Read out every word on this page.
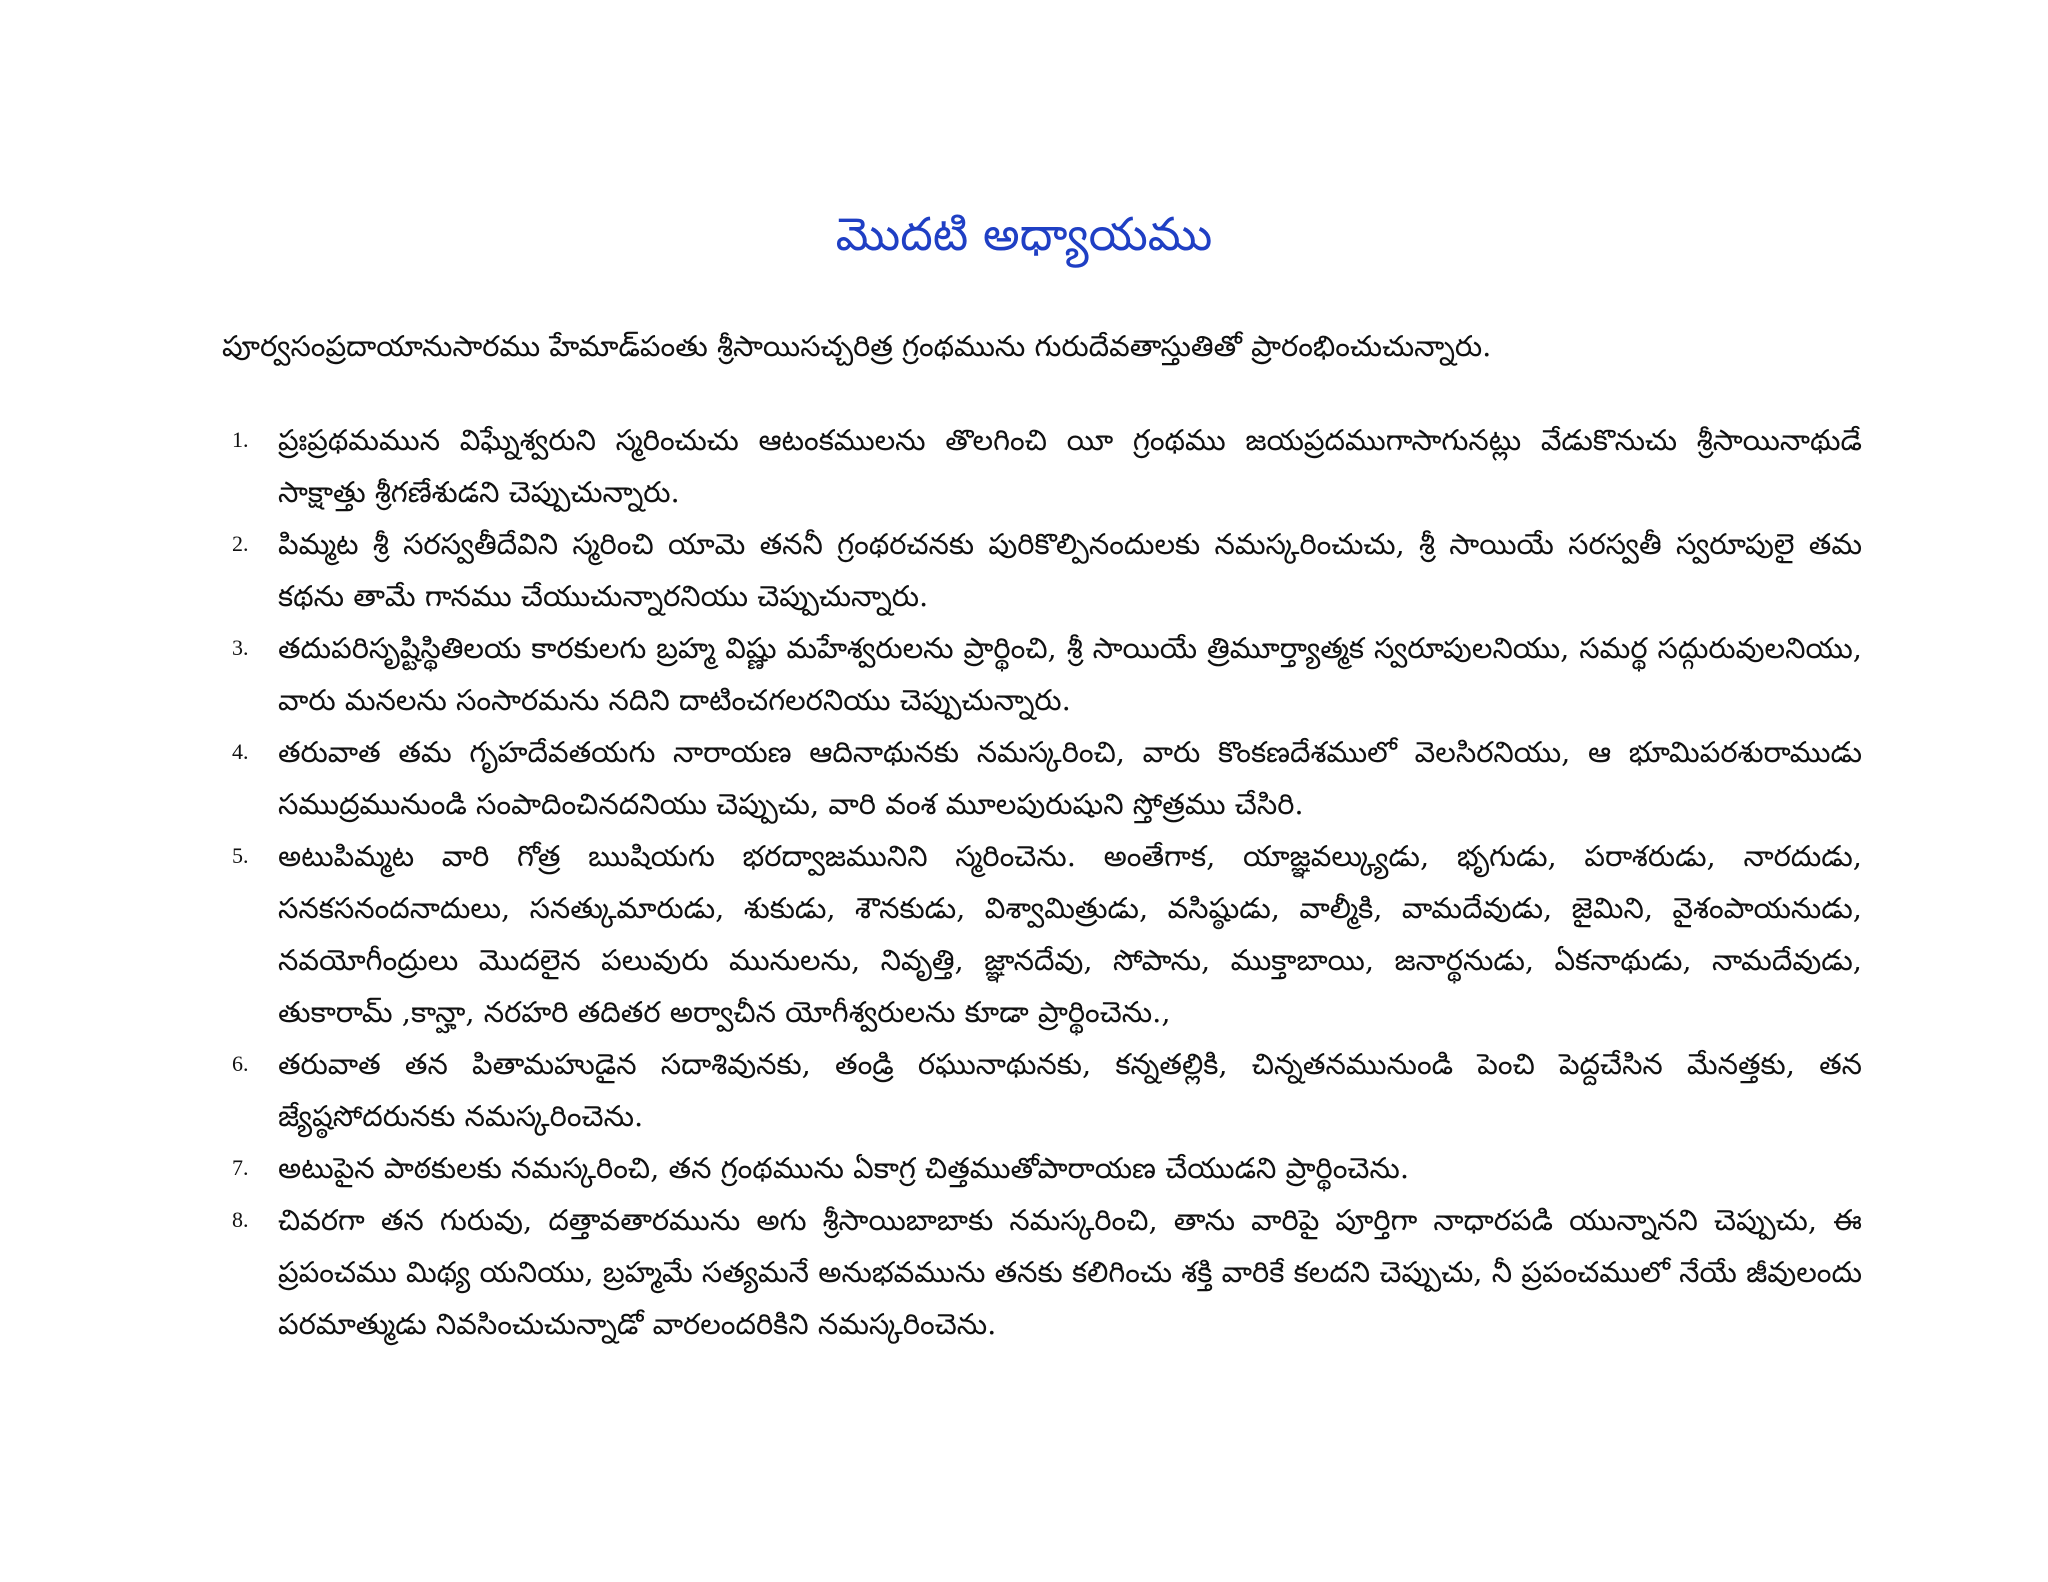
మొదటి అధ్యాయము
పూర్వసంప్రదాయానుసారము హేమాడ్‌పంతు శ్రీసాయిసచ్చరిత్ర గ్రంథమును గురుదేవతాస్తుతితో ప్రారంభించుచున్నారు.
1. ప్రఃప్రథమమున విఘ్నేశ్వరుని స్మరించుచు ఆటంకములను తొలగించి యీ గ్రంథము జయప్రదముగాసాగునట్లు వేడుకొనుచు శ్రీసాయినాథుడే సాక్షాత్తు శ్రీగణేశుడని చెప్పుచున్నారు.
2. పిమ్మట శ్రీ సరస్వతీదేవిని స్మరించి యామె తననీ గ్రంథరచనకు పురికొల్పినందులకు నమస్కరించుచు, శ్రీ సాయియే సరస్వతీ స్వరూపులై తమ కథను తామే గానము చేయుచున్నారనియు చెప్పుచున్నారు.
3. తదుపరిసృష్టిస్థితిలయ కారకులగు బ్రహ్మ విష్ణు మహేశ్వరులను ప్రార్థించి, శ్రీ సాయియే త్రిమూర్త్యాత్మక స్వరూపులనియు, సమర్థ సద్గురువులనియు, వారు మనలను సంసారమను నదిని దాటించగలరనియు చెప్పుచున్నారు.
4. తరువాత తమ గృహదేవతయగు నారాయణ ఆదినాథునకు నమస్కరించి, వారు కొంకణదేశములో వెలసిరనియు, ఆ భూమిపరశురాముడు సముద్రమునుండి సంపాదించినదనియు చెప్పుచు, వారి వంశ మూలపురుషుని స్తోత్రము చేసిరి.
5. అటుపిమ్మట వారి గోత్ర ఋషియగు భరద్వాజమునిని స్మరించెను. అంతేగాక, యాజ్ఞవల్క్యుడు, భృగుడు, పరాశరుడు, నారదుడు, సనకసనందనాదులు, సనత్కుమారుడు, శుకుడు, శౌనకుడు, విశ్వామిత్రుడు, వసిష్ఠుడు, వాల్మీకి, వామదేవుడు, జైమిని, వైశంపాయనుడు, నవయోగీంద్రులు మొదలైన పలువురు మునులను, నివృత్తి, జ్ఞానదేవు, సోపాను, ముక్తాబాయి, జనార్థనుడు, ఏకనాథుడు, నామదేవుడు, తుకారామ్ ,కాన్హా, నరహరి తదితర అర్వాచీన యోగీశ్వరులను కూడా ప్రార్థించెను.,
6. తరువాత తన పితామహుడైన సదాశివునకు, తండ్రి రఘునాథునకు, కన్నతల్లికి, చిన్నతనమునుండి పెంచి పెద్దచేసిన మేనత్తకు, తన జ్యేష్ఠసోదరునకు నమస్కరించెను.
7. అటుపైన పాఠకులకు నమస్కరించి, తన గ్రంథమును ఏకాగ్ర చిత్తముతోపారాయణ చేయుడని ప్రార్థించెను.
8. చివరగా తన గురువు, దత్తావతారమును అగు శ్రీసాయిబాబాకు నమస్కరించి, తాను వారిపై పూర్తిగా నాధారపడి యున్నానని చెప్పుచు, ఈ ప్రపంచము మిథ్య యనియు, బ్రహ్మమే సత్యమనే అనుభవమును తనకు కలిగించు శక్తి వారికే కలదని చెప్పుచు, నీ ప్రపంచములో నేయే జీవులందు పరమాత్ముడు నివసించుచున్నాడో వారలందరికిని నమస్కరించెను.
